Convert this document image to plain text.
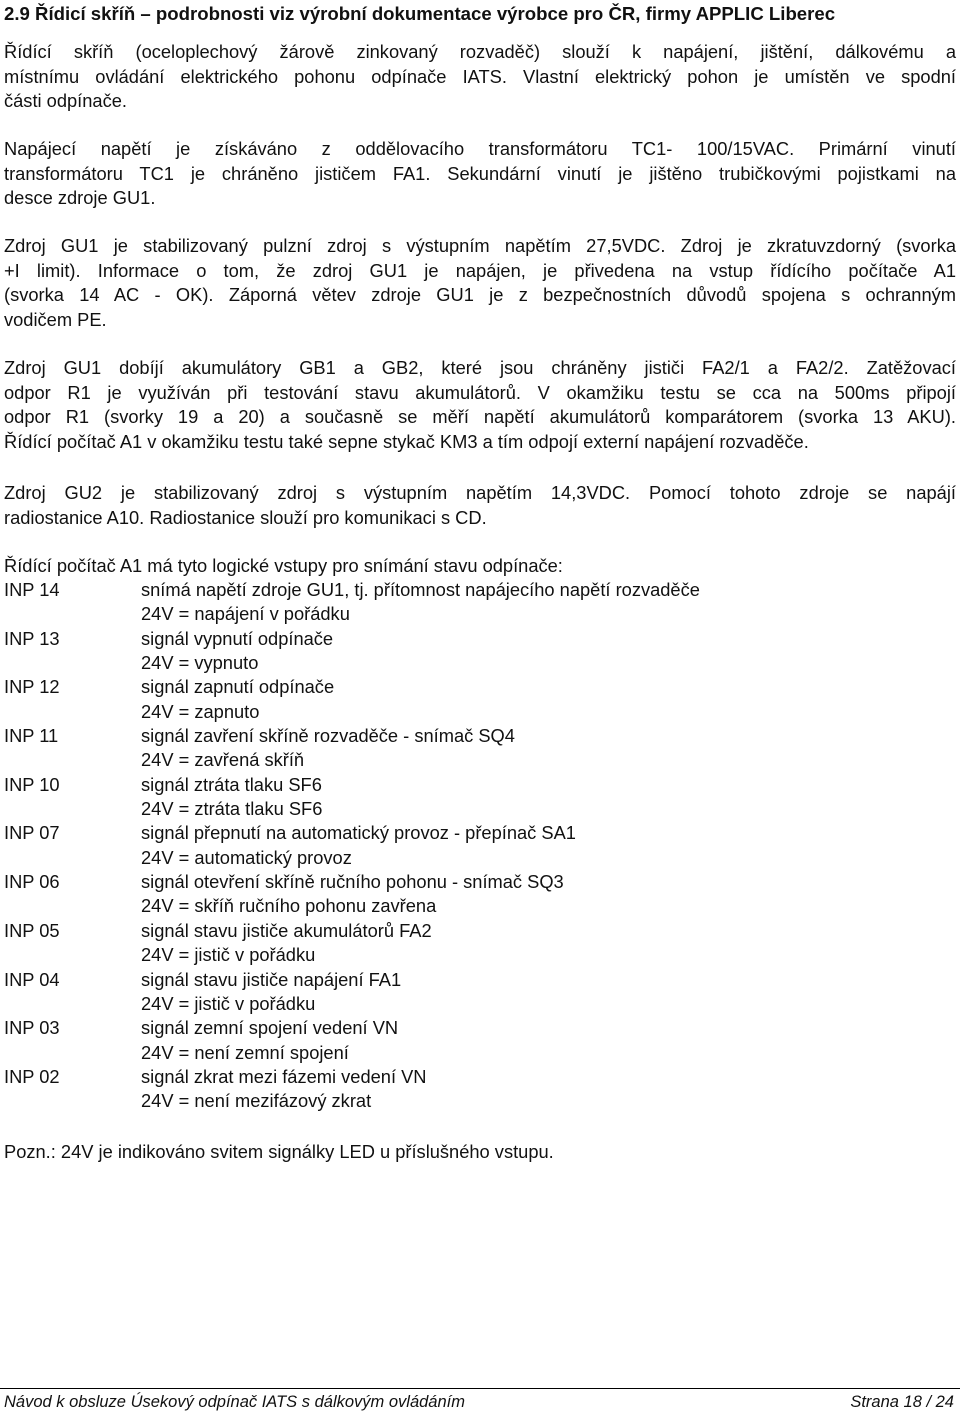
2.9 Řídicí skříň – podrobnosti viz výrobní dokumentace výrobce pro ČR, firmy APPLIC Liberec
Řídící skříň (oceloplechový žárově zinkovaný rozvaděč) slouží k napájení, jištění, dálkovému a
místnímu ovládání elektrického pohonu odpínače IATS. Vlastní elektrický pohon je umístěn ve spodní
části odpínače.
Napájecí napětí je získáváno z oddělovacího transformátoru TC1- 100/15VAC. Primární vinutí
transformátoru TC1 je chráněno jističem FA1. Sekundární vinutí je jištěno trubičkovými pojistkami na
desce zdroje GU1.
Zdroj GU1 je stabilizovaný pulzní zdroj s výstupním napětím 27,5VDC. Zdroj je zkratuvzdorný (svorka
+I limit). Informace o tom, že zdroj GU1 je napájen, je přivedena na vstup řídícího počítače A1
(svorka 14 AC - OK). Záporná větev zdroje GU1 je z bezpečnostních důvodů spojena s ochranným
vodičem PE.
Zdroj GU1 dobíjí akumulátory GB1 a GB2, které jsou chráněny jističi FA2/1 a FA2/2. Zatěžovací
odpor R1 je využíván při testování stavu akumulátorů. V okamžiku testu se cca na 500ms připojí
odpor R1 (svorky 19 a 20) a současně se měří napětí akumulátorů komparátorem (svorka 13 AKU).
Řídící počítač A1 v okamžiku testu také sepne stykač KM3 a tím odpojí externí napájení rozvaděče.
Zdroj GU2 je stabilizovaný zdroj s výstupním napětím 14,3VDC. Pomocí tohoto zdroje se napájí
radiostanice A10. Radiostanice slouží pro komunikaci s CD.
Řídící počítač A1 má tyto logické vstupy pro snímání stavu odpínače:
INP 14	snímá napětí zdroje GU1, tj. přítomnost napájecího napětí rozvaděče
24V = napájení v pořádku
INP 13	signál vypnutí odpínače
24V = vypnuto
INP 12	signál zapnutí odpínače
24V = zapnuto
INP 11	signál zavření skříně rozvaděče - snímač SQ4
24V = zavřená skříň
INP 10	signál ztráta tlaku SF6
24V = ztráta tlaku SF6
INP 07	signál přepnutí na automatický provoz - přepínač SA1
24V = automatický provoz
INP 06	signál otevření skříně ručního pohonu - snímač SQ3
24V = skříň ručního pohonu zavřena
INP 05	signál stavu jističe akumulátorů FA2
24V = jistič v pořádku
INP 04	signál stavu jističe napájení FA1
24V = jistič v pořádku
INP 03	signál zemní spojení vedení VN
24V = není zemní spojení
INP 02	signál zkrat mezi fázemi vedení VN
24V = není mezifázový zkrat
Pozn.: 24V je indikováno svitem signálky LED u příslušného vstupu.
Návod k obsluze Úsekový odpínač IATS s dálkovým ovládáním	Strana 18 / 24
